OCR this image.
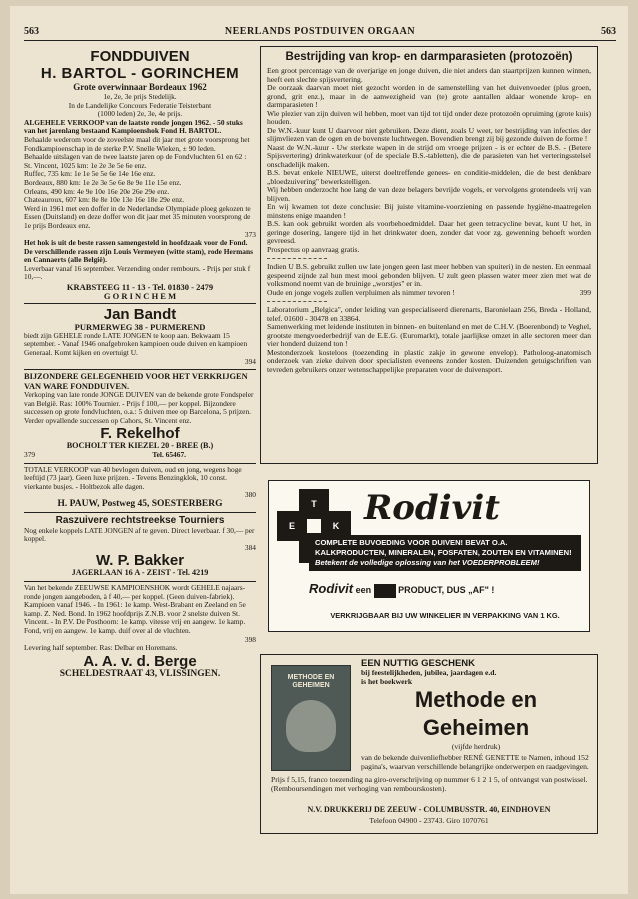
563	NEERLANDS POSTDUIVEN ORGAAN	563
FONDDUIVEN
H. BARTOL - GORINCHEM
Grote overwinnaar Bordeaux 1962
1e, 2e, 3e prijs Stedelijk.
In de Landelijke Concours Federatie Teisterbant
(1000 leden) 2e, 3e, 4e prijs.

ALGEHELE VERKOOP van de laatste ronde jongen 1962. - 50 stuks van het jarenlang bestaand Kampioenshok Fond H. BARTOL.

Behaalde wederom voor de zoveelste maal dit jaar met grote voorsprong het Fondkampioenschap in de sterke P.V. Snelle Wieken, ± 90 leden.

Behaalde uitslagen van de twee laatste jaren op de Fondvluchten 61 en 62 :

St. Vincent, 1025 km: 1e 2e 3e 5e 6e enz.

Ruffec, 735 km: 1e 1e 5e 5e 6e 14e 16e enz.

Bordeaux, 880 km: 1e 2e 3e 5e 6e 8e 9e 11e 15e enz.

Orleans, 490 km: 4e 9e 10e 16e 20e 26e 29e enz.

Chateauroux, 607 km: 8e 8e 10e 13e 16e 18e 29e enz.

Werd in 1961 met een doffer in de Nederlandse Olympiade ploeg gekozen te Essen (Duitsland) en deze doffer won dit jaar met 35 minuten voorsprong de 1e prijs Bordeaux enz.

373

Het hok is uit de beste rassen samengesteld in hoofdzaak voor de Fond. De verschillende rassen zijn Louis Vermeyen (witte stam), rode Hermans en Cannaerts (alle België).

Leverbaar vanaf 16 september. Verzending onder rembours. - Prijs per stuk f 10,—.

KRABSTEEG 11 - 13 - Tel. 01830 - 2479
G O R I N C H E M
Jan Bandt
PURMERWEG 38 - PURMEREND

biedt zijn GEHELE ronde LATE JONGEN te koop aan. Bekwaam 15 september. - Vanaf 1946 onafgebroken kampioen oude duiven en kampioen Generaal. Komt kijken en overtuigt U.

394

BIJZONDERE GELEGENHEID VOOR HET VERKRIJGEN VAN WARE FONDDUIVEN.

Verkoping van late ronde JONGE DUIVEN van de bekende grote Fondspeler van België. Ras: 100% Tournier. - Prijs f 100,— per koppel. Bijzondere successen op grote fondvluchten, o.a.: 5 duiven mee op Barcelona, 5 prijzen. Verder opvallende successen op Cahors, St. Vincent enz.

F. Rekelhof
BOCHOLT TER KIEZEL 20 - BREE (B.)
379	Tel. 65467.

TOTALE VERKOOP van 40 bevlogen duiven, oud en jong, wegens hoge leeftijd (73 jaar). Geen luxe prijzen. - Tevens Benzingklok, 10 const. vierkante busjes. - Holtbezok alle dagen.

380
H. PAUW, Postweg 45, SOESTERBERG
Raszuivere rechtstreekse Tourniers

Nog enkele koppels LATE JONGEN af te geven. Direct leverbaar. f 30,— per koppel.

384
W. P. Bakker
JAGERLAAN 16 A - ZEIST - Tel. 4219

Van het bekende ZEEUWSE KAMPIOENSHOK wordt GEHELE najaars-ronde jongen aangeboden, à f 40,— per koppel. (Geen duiven-fabriek). Kampioen vanaf 1946. - In 1961: 1e kamp. West-Brabant en Zeeland en 5e kamp. Z. Ned. Bond. In 1962 hoofdprijs Z.N.B. voor 2 snelste duiven St. Vincent. - In P.V. De Posthoorn: 1e kamp. vitesse vrij en aangew. 1e kamp. Fond, vrij en aangew. 1e kamp. duif over al de vluchten.

398

Levering half september. Ras: Delbar en Horemans.

A. A. v. d. Berge
SCHELDESTRAAT 43, VLISSINGEN.
Bestrijding van krop- en darmparasieten (protozoën)

Een groot percentage van de overjarige en jonge duiven, die niet anders dan staartprijzen kunnen winnen, heeft een slechte spijsvertering.

De oorzaak daarvan moet niet gezocht worden in de samenstelling van het duivenvoeder (plus groen, grond, grit enz.), maar in de aanwezigheid van (te) grote aantallen aldaar wonende krop- en darmparasieten !

Wie plezier van zijn duiven wil hebben, moet van tijd tot tijd onder deze protozoën opruiming (grote kuis) houden.

De W.N.-kuur kunt U daarvoor niet gebruiken. Deze dient, zoals U weet, ter bestrijding van infecties der slijmvliezen van de ogen en de bovenste luchtwegen. Bovendien brengt zij bij gezonde duiven de forme !

Naast de W.N.-kuur - Uw sterkste wapen in de strijd om vroege prijzen - is er echter de B.S. - (Betere Spijsvertering) drinkwaterkuur (of de speciale B.S.-tabletten), die de parasieten van het verteringsstelsel onschadelijk maken.

B.S. bevat enkele NIEUWE, uiterst doeltreffende genees- en conditie-middelen, die de best denkbare „bloedzuivering" bewerkstelligen.

Wij hebben onderzocht hoe lang de van deze belagers bevrijde vogels, er vervolgens grotendeels vrij van blijven.

En wij kwamen tot deze conclusie: Bij juiste vitamine-voorziening en passende hygiëne-maatregelen minstens enige maanden !

B.S. kan ook gebruikt worden als voorbehoedmiddel. Daar het geen tetracycline bevat, kunt U het, in geringe dosering, langere tijd in het drinkwater doen, zonder dat voor zg. gewenning behoeft worden gevreesd.

Prospectus op aanvraag gratis.

Indien U B.S. gebruikt zullen uw late jongen geen last meer hebben van spuiteri) in de nesten. En eenmaal gespeend zijnde zal hun mest mooi gebonden blijven. U zult geen plassen water meer zien met wat de volksmond noemt van de bruinige „worstjes" er in.

Oude en jonge vogels zullen verpluimen als nimmer tevoren !	399

Laboratorium „Belgica", onder leiding van gespecialiseerd dierenarts, Baronielaan 256, Breda - Holland, telef. 01600 - 30478 en 33864.

Samenwerking met leidende instituten in binnen- en buitenland en met de C.H.V. (Boerenbond) te Veghel, grootste mengvoederbedrijf van de E.E.G. (Euromarkt), totale jaarlijkse omzet in alle sectoren meer dan vier honderd duizend ton !

Mestonderzoek kosteloos (toezending in plastic zakje in gewone envelop). Patholoog-anatomisch onderzoek van zieke duiven door specialisten eveneens zonder kosten. Duizenden getuigschriften van tevreden gebruikers onzer wetenschappelijke preparaten voor de duivensport.

T
E	K Rodivit
COMPLETE BUVOEDING VOOR DUIVEN! BEVAT O.A. KALKPRODUCTEN, MINERALEN, FOSFATEN, ZOUTEN EN VITAMINEN!
Betekent de volledige oplossing van het VOEDERPROBLEEM!
Rodivit een	PRODUCT, DUS „AF" !
VERKRIJGBAAR BIJ UW WINKELIER IN VERPAKKING VAN 1 KG.
METHODE EN GEHEIMEN
EEN NUTTIG GESCHENK
bij feestelijkheden, jubilea, jaardagen e.d.
is het boekwerk
Methode en Geheimen
(vijfde herdruk)

van de bekende duivenliefhebber RENÉ GENETTE te Namen, inhoud 152 pagina's, waarvan verschillende belangrijke onderwerpen en raadgevingen.

Prijs f 5,15, franco toezending na giro-overschrijving op nummer 6 1 2 1 5, of ontvangst van postwissel. (Remboursendingen met verhoging van rembourskosten).

N.V. DRUKKERIJ DE ZEEUW - COLUMBUSSTR. 40, EINDHOVEN
Telefoon 04900 - 23743. Giro 1070761
